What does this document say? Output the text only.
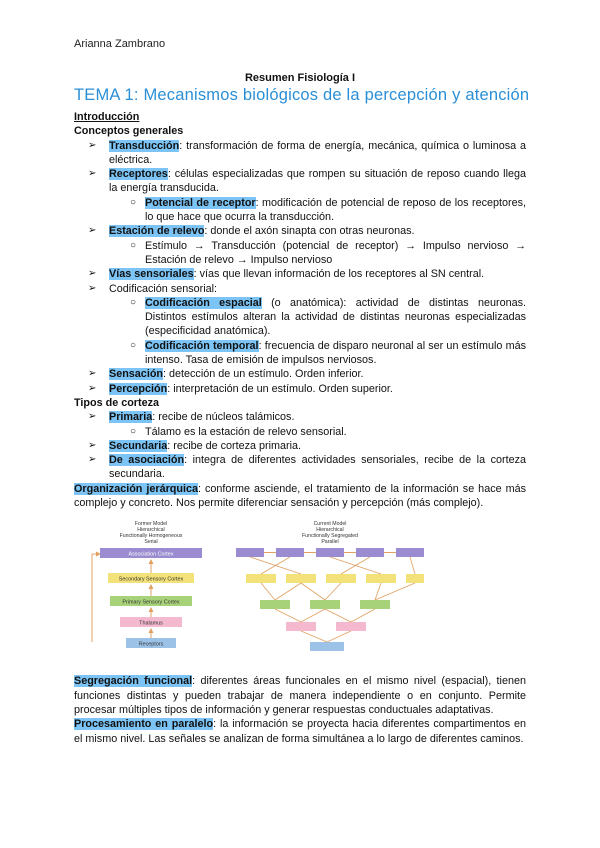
Arianna Zambrano
Resumen Fisiología I
TEMA 1: Mecanismos biológicos de la percepción y atención
Introducción
Conceptos generales
➢ Transducción: transformación de forma de energía, mecánica, química o luminosa a eléctrica.
➢ Receptores: células especializadas que rompen su situación de reposo cuando llega la energía transducida.
○ Potencial de receptor: modificación de potencial de reposo de los receptores, lo que hace que ocurra la transducción.
➢ Estación de relevo: donde el axón sinapta con otras neuronas.
○ Estímulo → Transducción (potencial de receptor) → Impulso nervioso → Estación de relevo → Impulso nervioso
➢ Vías sensoriales: vías que llevan información de los receptores al SN central.
➢ Codificación sensorial:
○ Codificación espacial (o anatómica): actividad de distintas neuronas. Distintos estímulos alteran la actividad de distintas neuronas especializadas (especificidad anatómica).
○ Codificación temporal: frecuencia de disparo neuronal al ser un estímulo más intenso. Tasa de emisión de impulsos nerviosos.
➢ Sensación: detección de un estímulo. Orden inferior.
➢ Percepción: interpretación de un estímulo. Orden superior.
Tipos de corteza
➢ Primaria: recibe de núcleos talámicos.
○ Tálamo es la estación de relevo sensorial.
➢ Secundaria: recibe de corteza primaria.
➢ De asociación: integra de diferentes actividades sensoriales, recibe de la corteza secundaria.
Organización jerárquica: conforme asciende, el tratamiento de la información se hace más complejo y concreto. Nos permite diferenciar sensación y percepción (más complejo).
Former Model
Hierarchical
Functionally Homogeneous
Serial
Association Cortex
Secondary Sensory Cortex
Primary Sensory Cortex
Thalamus
Receptors
Current Model
Hierarchical
Functionally Segregated
Parallel
Segregación funcional: diferentes áreas funcionales en el mismo nivel (espacial), tienen funciones distintas y pueden trabajar de manera independiente o en conjunto. Permite procesar múltiples tipos de información y generar respuestas conductuales adaptativas.
Procesamiento en paralelo: la información se proyecta hacia diferentes compartimentos en el mismo nivel. Las señales se analizan de forma simultánea a lo largo de diferentes caminos.
